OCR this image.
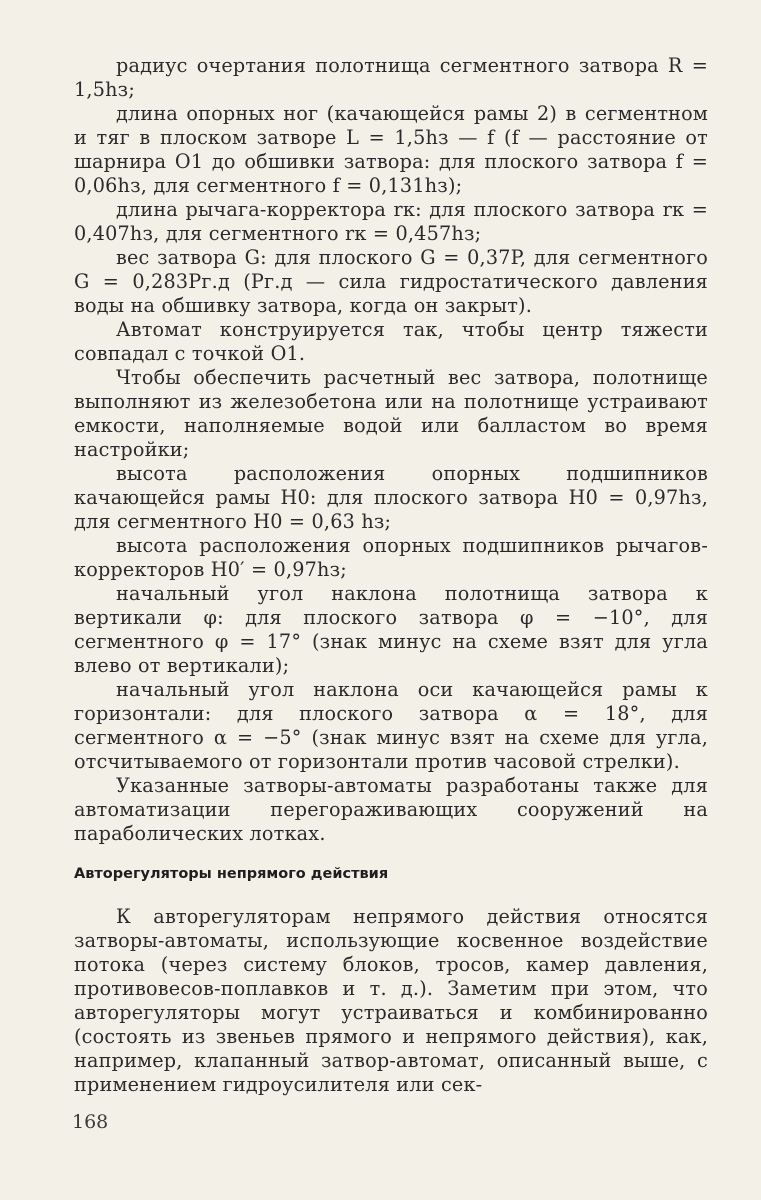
радиус очертания полотнища сегментного затвора R = 1,5hз;

длина опорных ног (качающейся рамы 2) в сегментном и тяг в плоском затворе L = 1,5hз — f (f — расстояние от шарнира O1 до обшивки затвора: для плоского затвора f = 0,06hз, для сегментного f = 0,131hз);

длина рычага-корректора rк: для плоского затвора rк = 0,407hз, для сегментного rк = 0,457hз;

вес затвора G: для плоского G = 0,37P, для сегментного G = 0,283Pг.д (Pг.д — сила гидростатического давления воды на обшивку затвора, когда он закрыт).

Автомат конструируется так, чтобы центр тяжести совпадал с точкой O1.

Чтобы обеспечить расчетный вес затвора, полотнище выполняют из железобетона или на полотнище устраивают емкости, наполняемые водой или балластом во время настройки;

высота расположения опорных подшипников качающейся рамы H0: для плоского затвора H0 = 0,97hз, для сегментного H0 = 0,63 hз;

высота расположения опорных подшипников рычагов-корректоров H0′ = 0,97hз;

начальный угол наклона полотнища затвора к вертикали φ: для плоского затвора φ = −10°, для сегментного φ = 17° (знак минус на схеме взят для угла влево от вертикали);

начальный угол наклона оси качающейся рамы к горизонтали: для плоского затвора α = 18°, для сегментного α = −5° (знак минус взят на схеме для угла, отсчитываемого от горизонтали против часовой стрелки).

Указанные затворы-автоматы разработаны также для автоматизации перегораживающих сооружений на параболических лотках.

Авторегуляторы непрямого действия

К авторегуляторам непрямого действия относятся затворы-автоматы, использующие косвенное воздействие потока (через систему блоков, тросов, камер давления, противовесов-поплавков и т. д.). Заметим при этом, что авторегуляторы могут устраиваться и комбинированно (состоять из звеньев прямого и непрямого действия), как, например, клапанный затвор-автомат, описанный выше, с применением гидроусилителя или сек-

168
